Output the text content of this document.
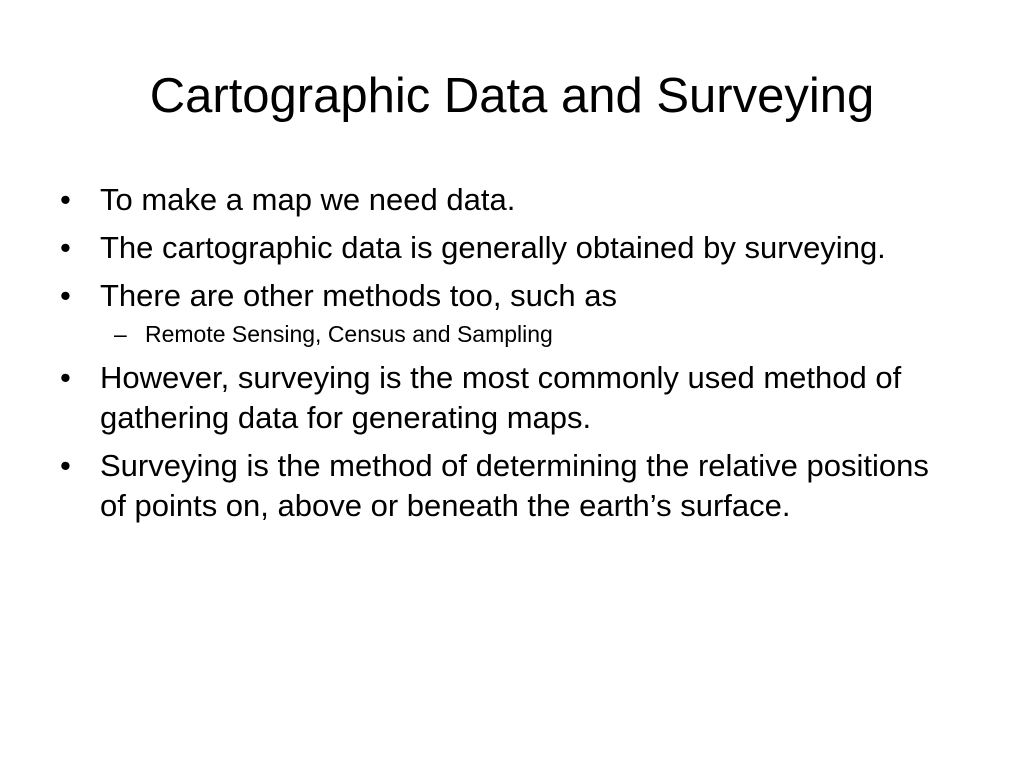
Cartographic Data and Surveying
• To make a map we need data.
• The cartographic data is generally obtained by surveying.
• There are other methods too, such as
– Remote Sensing, Census and Sampling
• However, surveying is the most commonly used method of gathering data for generating maps.
• Surveying is the method of determining the relative positions of points on, above or beneath the earth’s surface.
